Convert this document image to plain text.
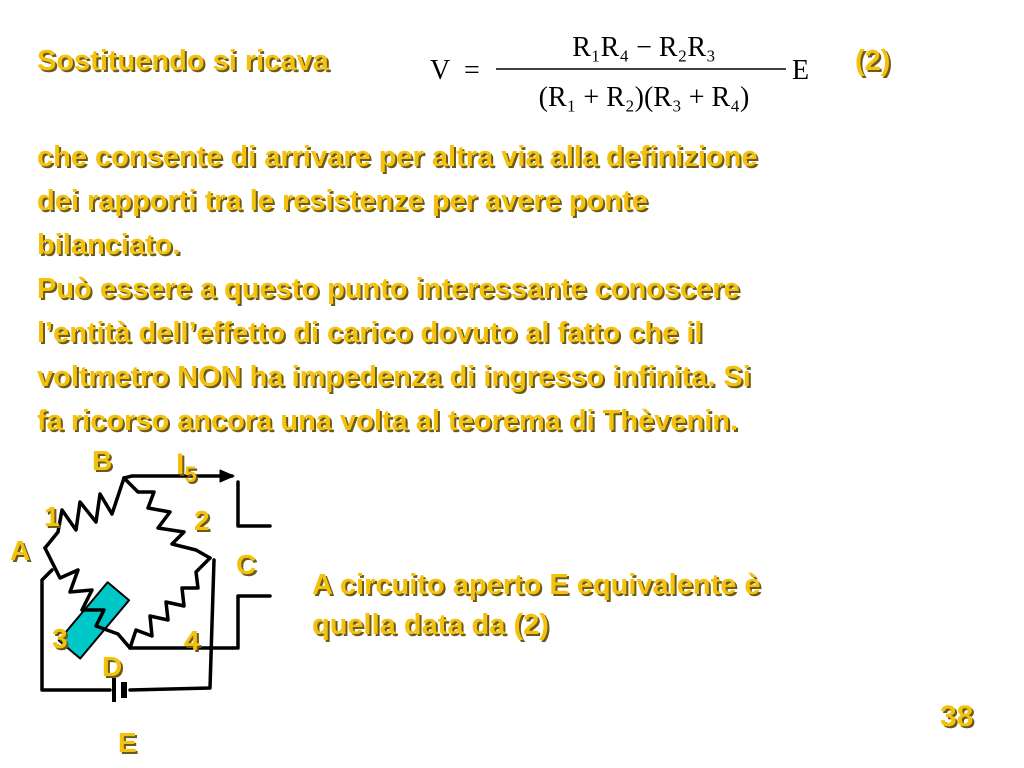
Sostituendo si ricava	V =
R₁R₄ − R₂R₃
(R₁ + R₂)(R₃ + R₄)
E (2)
che consente di arrivare per altra via alla definizione
dei rapporti tra le resistenze per avere ponte
bilanciato.
Può essere a questo punto interessante conoscere
l’entità dell’effetto di carico dovuto al fatto che il
voltmetro NON ha impedenza di ingresso infinita. Si
fa ricorso ancora una volta al teorema di Thèvenin.
B $I_5$
1	2
A	C
3	4
D
E
A circuito aperto E equivalente è
quella data da (2)
38
